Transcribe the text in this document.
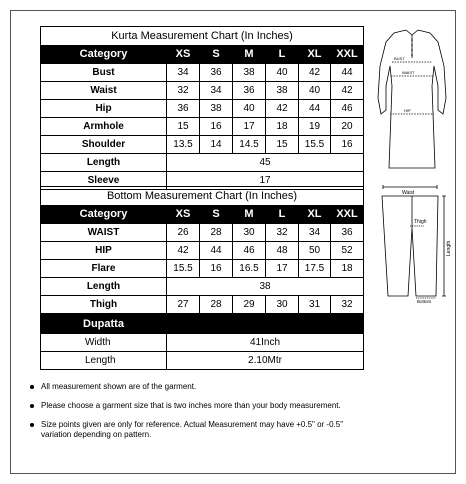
Kurta Measurement Chart (In Inches)						
Category	XS	S	M	L	XL	XXL
Bust	34	36	38	40	42	44
Waist	32	34	36	38	40	42
Hip	36	38	40	42	44	46
Armhole	15	16	17	18	19	20
Shoulder	13.5	14	14.5	15	15.5	16
Length	45					
Sleeve	17					
BUST
WAIST
HIP
Bottom Measurement Chart (In Inches)						
Category	XS	S	M	L	XL	XXL
WAIST	26	28	30	32	34	36
HIP	42	44	46	48	50	52
Flare	15.5	16	16.5	17	17.5	18
Length	38					
Thigh	27	28	29	30	31	32
Waist
Thigh
Length
Bottom
Dupatta	
Width	41Inch
Length	2.10Mtr
All measurement shown are of the garment.
Please choose a garment size that is two inches more than your body measurement.
Size points given are only for reference. Actual Measurement may have +0.5" or -0.5" variation depending on pattern.
